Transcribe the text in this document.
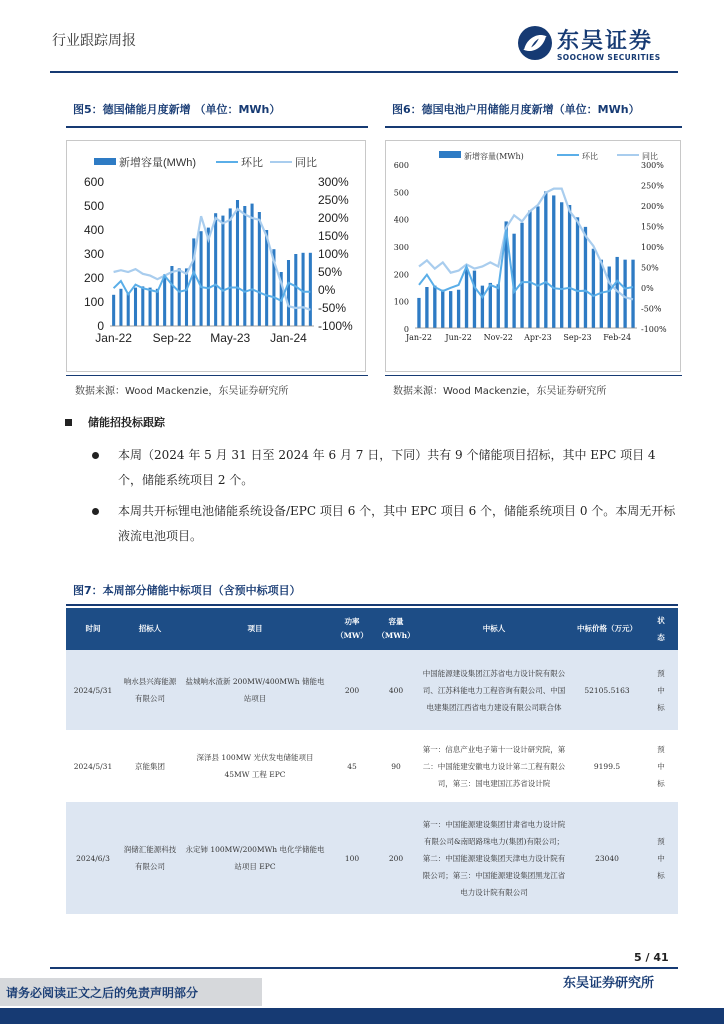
行业跟踪周报	东吴证券
SOOCHOW SECURITIES
图5：德国储能月度新增 （单位：MWh）
新增容量(MWh)	环比	同比
0
100
200
300
400
500
600
-100%
-50%
0%
50%
100%
150%
200%
250%
300%
Jan-22 Sep-22 May-23 Jan-24
数据来源：Wood Mackenzie，东吴证券研究所
图6：德国电池户用储能月度新增（单位：MWh）
新增容量(MWh)	环比	同比
0
100
200
300
400
500
600
-100%
-50%
0%
50%
100%
150%
200%
250%
300%
Jan-22 Jun-22 Nov-22 Apr-23 Sep-23 Feb-24
数据来源：Wood Mackenzie，东吴证券研究所
储能招投标跟踪
本周（2024 年 5 月 31 日至 2024 年 6 月 7 日，下同）共有 9 个储能项目招标，其中 EPC 项目 4 个，储能系统项目 2 个。
本周共开标锂电池储能系统设备/EPC 项目 6 个，其中 EPC 项目 6 个，储能系统项目 0 个。本周无开标液流电池项目。
图7：本周部分储能中标项目（含预中标项目）
时间	招标人	项目	功率（MW）	容量（MWh）	中标人	中标价格（万元）	状态
2024/5/31	响水县兴海能源有限公司	盐城响水渣新 200MW/400MWh 储能电站项目	200	400	中国能源建设集团江苏省电力设计院有限公司、江苏科能电力工程咨询有限公司、中国电建集团江西省电力建设有限公司联合体	52105.5163	预中标
2024/5/31	京能集团	深泽县 100MW 光伏发电储能项目 45MW 工程 EPC	45	90	第一：信息产业电子第十一设计研究院，第二：中国能建安徽电力设计第二工程有限公司，第三：国电建国江苏省设计院	9199.5	预中标
2024/6/3	润储汇能源科技有限公司	永定铈 100MW/200MWh 电化学储能电站项目 EPC	100	200	第一：中国能源建设集团甘肃省电力设计院有限公司&南昭路珠电力(集团)有限公司；第二：中国能源建设集团天津电力设计院有限公司；第三：中国能源建设集团黑龙江省电力设计院有限公司	23040	预中标
5 / 41
请务必阅读正文之后的免责声明部分
东吴证券研究所
